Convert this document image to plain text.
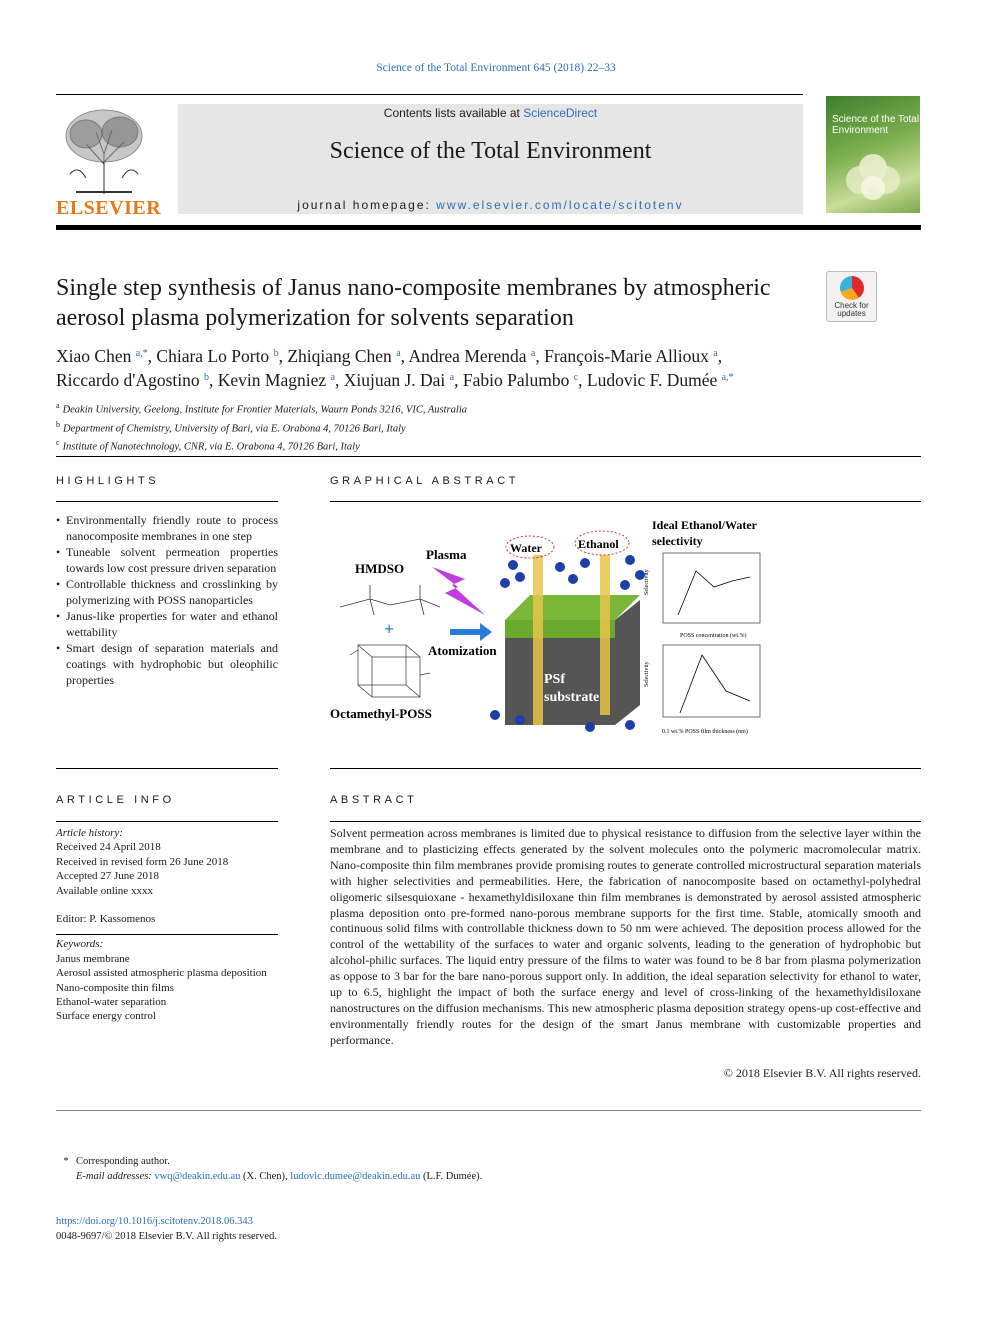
Science of the Total Environment 645 (2018) 22–33
ELSEVIER
Contents lists available at ScienceDirect
Science of the Total Environment
journal homepage: www.elsevier.com/locate/scitotenv
Science of the Total Environment
Single step synthesis of Janus nano-composite membranes by atmospheric aerosol plasma polymerization for solvents separation	Check for
updates
Xiao Chen $^{a,*}$, Chiara Lo Porto $^b$, Zhiqiang Chen $^a$, Andrea Merenda $^a$, François-Marie Allioux $^a$,
Riccardo d'Agostino $^b$, Kevin Magniez $^a$, Xiujuan J. Dai $^a$, Fabio Palumbo $^c$, Ludovic F. Dumée $^{a,*}$
$^a$ Deakin University, Geelong, Institute for Frontier Materials, Waurn Ponds 3216, VIC, Australia
$^b$ Department of Chemistry, University of Bari, via E. Orabona 4, 70126 Bari, Italy
$^c$ Institute of Nanotechnology, CNR, via E. Orabona 4, 70126 Bari, Italy
HIGHLIGHTS
• Environmentally friendly route to process nanocomposite membranes in one step
• Tuneable solvent permeation properties towards low cost pressure driven separation
• Controllable thickness and crosslinking by polymerizing with POSS nanoparticles
• Janus-like properties for water and ethanol wettability
• Smart design of separation materials and coatings with hydrophobic but oleophilic properties
GRAPHICAL ABSTRACT
HMDSO
+
Octamethyl-POSS
Plasma
Atomization
Water	Ethanol
PSf
substrate
Ideal Ethanol/Water
selectivity
Selectivity
POSS concentration (wt.%)
Selectivity
0.1 wt.% POSS film thickness (nm)
ARTICLE INFO
Article history:
Received 24 April 2018
Received in revised form 26 June 2018
Accepted 27 June 2018
Available online xxxx
Editor: P. Kassomenos
Keywords:
Janus membrane
Aerosol assisted atmospheric plasma deposition
Nano-composite thin films
Ethanol-water separation
Surface energy control
ABSTRACT
Solvent permeation across membranes is limited due to physical resistance to diffusion from the selective layer within the membrane and to plasticizing effects generated by the solvent molecules onto the polymeric macromolecular matrix. Nano-composite thin film membranes provide promising routes to generate controlled microstructural separation materials with higher selectivities and permeabilities. Here, the fabrication of nanocomposite based on octamethyl-polyhedral oligomeric silsesquioxane - hexamethyldisiloxane thin film membranes is demonstrated by aerosol assisted atmospheric plasma deposition onto pre-formed nano-porous membrane supports for the first time. Stable, atomically smooth and continuous solid films with controllable thickness down to 50 nm were achieved. The deposition process allowed for the control of the wettability of the surfaces to water and organic solvents, leading to the generation of hydrophobic but alcohol-philic surfaces. The liquid entry pressure of the films to water was found to be 8 bar from plasma polymerization as oppose to 3 bar for the bare nano-porous support only. In addition, the ideal separation selectivity for ethanol to water, up to 6.5, highlight the impact of both the surface energy and level of cross-linking of the hexamethyldisiloxane nanostructures on the diffusion mechanisms. This new atmospheric plasma deposition strategy opens-up cost-effective and environmentally friendly routes for the design of the smart Janus membrane with customizable properties and performance.
© 2018 Elsevier B.V. All rights reserved.
* Corresponding author.
E-mail addresses: vwq@deakin.edu.au (X. Chen), ludovic.dumee@deakin.edu.au (L.F. Dumée).
https://doi.org/10.1016/j.scitotenv.2018.06.343
0048-9697/© 2018 Elsevier B.V. All rights reserved.
